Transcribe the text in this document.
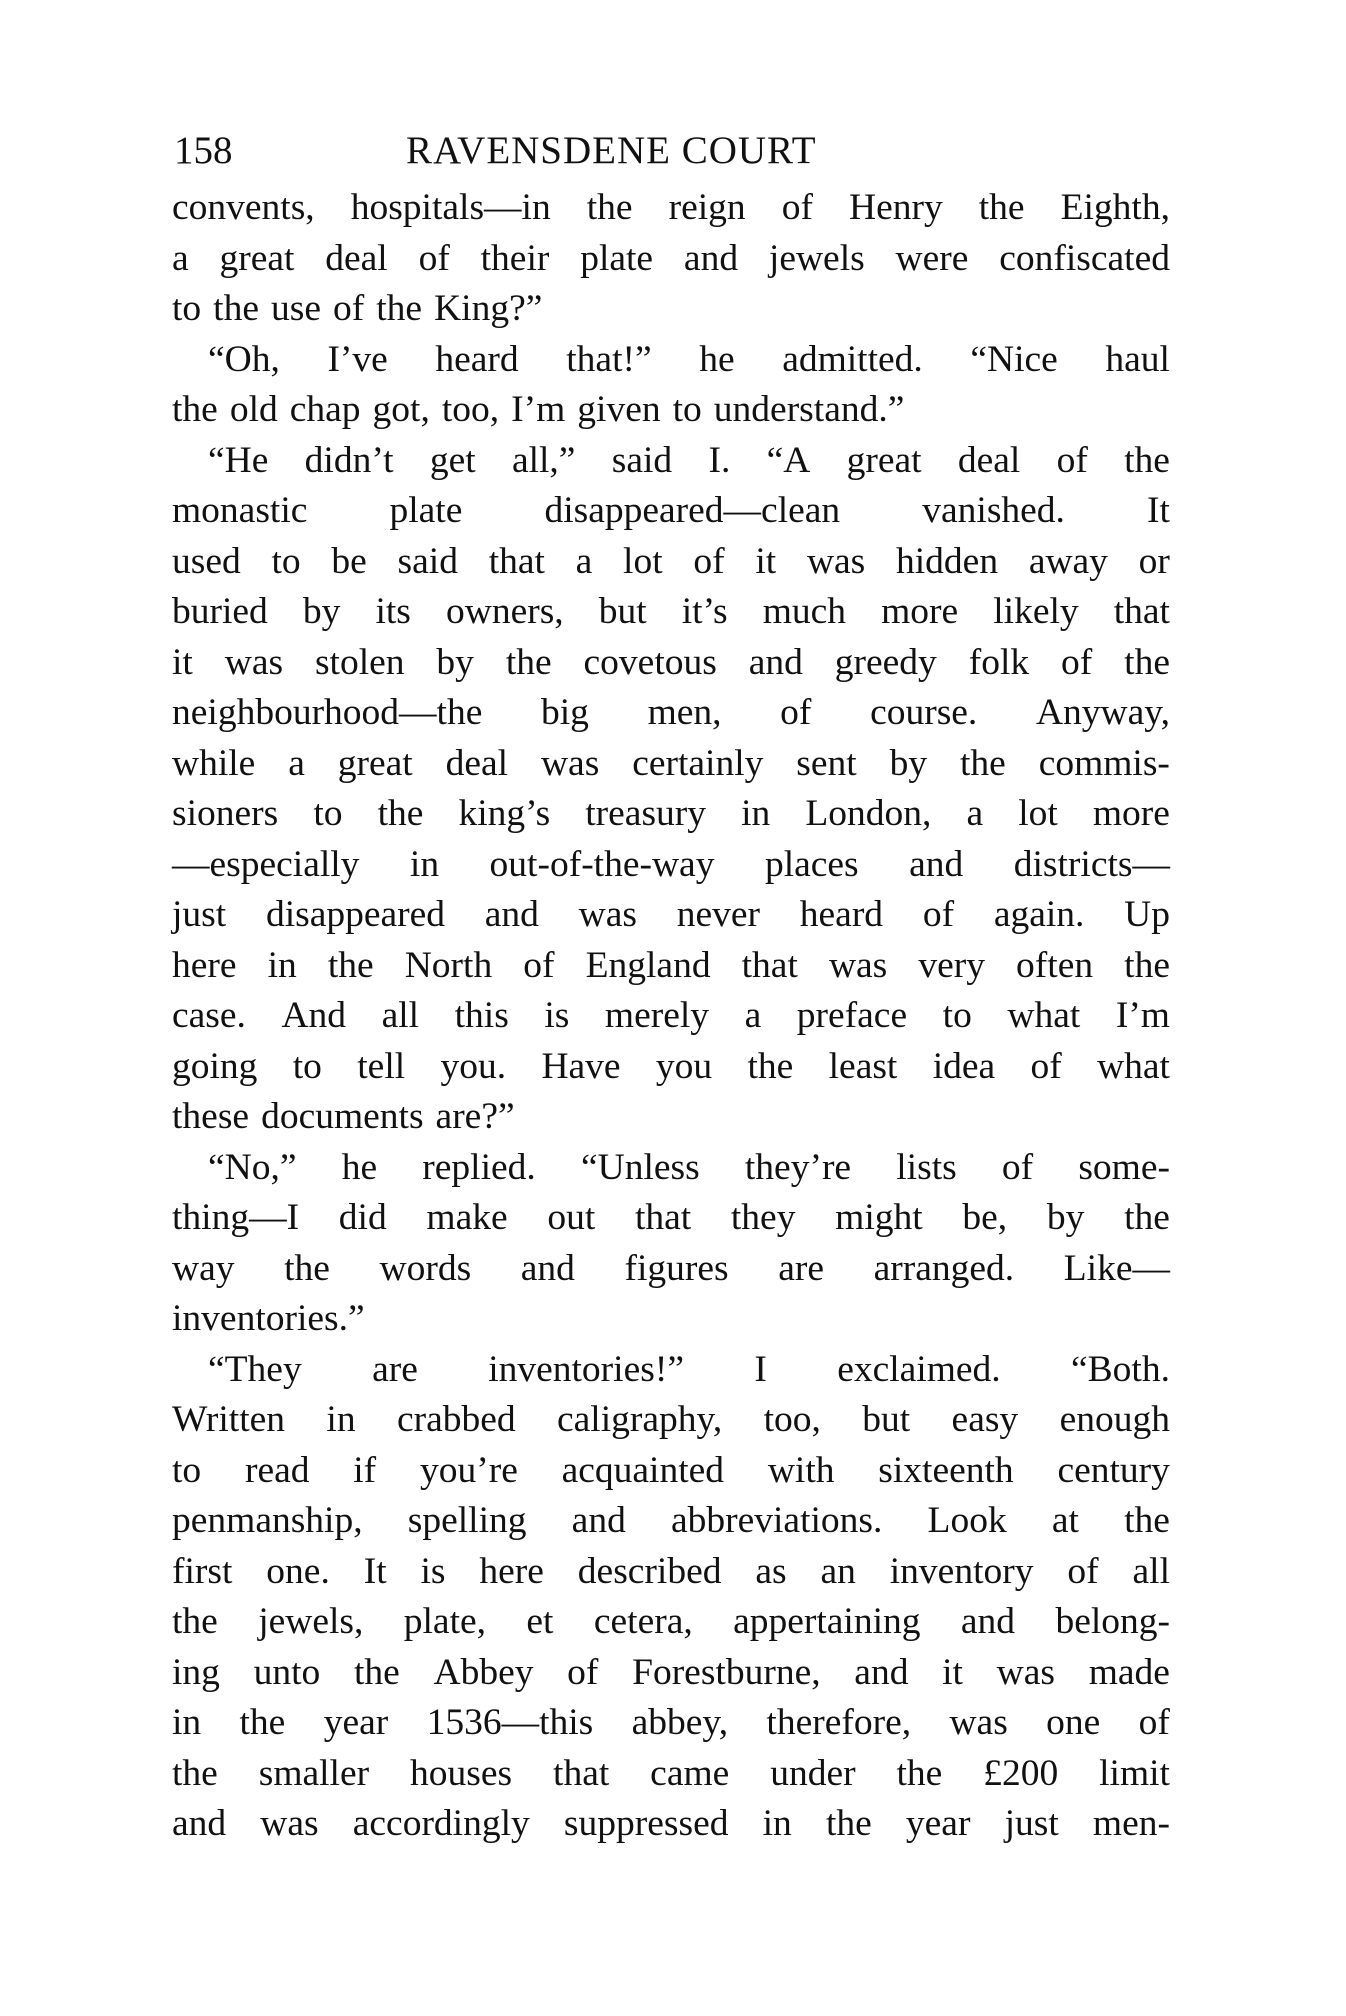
158	RAVENSDENE COURT
convents, hospitals—in the reign of Henry the Eighth,
a great deal of their plate and jewels were confiscated
to the use of the King?”
“Oh, I’ve heard that!” he admitted. “Nice haul
the old chap got, too, I’m given to understand.”
“He didn’t get all,” said I. “A great deal of the
monastic plate disappeared—clean vanished. It
used to be said that a lot of it was hidden away or
buried by its owners, but it’s much more likely that
it was stolen by the covetous and greedy folk of the
neighbourhood—the big men, of course. Anyway,
while a great deal was certainly sent by the commis-
sioners to the king’s treasury in London, a lot more
—especially in out-of-the-way places and districts—
just disappeared and was never heard of again. Up
here in the North of England that was very often the
case. And all this is merely a preface to what I’m
going to tell you. Have you the least idea of what
these documents are?”
“No,” he replied. “Unless they’re lists of some-
thing—I did make out that they might be, by the
way the words and figures are arranged. Like—
inventories.”
“They are inventories!” I exclaimed. “Both.
Written in crabbed caligraphy, too, but easy enough
to read if you’re acquainted with sixteenth century
penmanship, spelling and abbreviations. Look at the
first one. It is here described as an inventory of all
the jewels, plate, et cetera, appertaining and belong-
ing unto the Abbey of Forestburne, and it was made
in the year 1536—this abbey, therefore, was one of
the smaller houses that came under the £200 limit
and was accordingly suppressed in the year just men-
